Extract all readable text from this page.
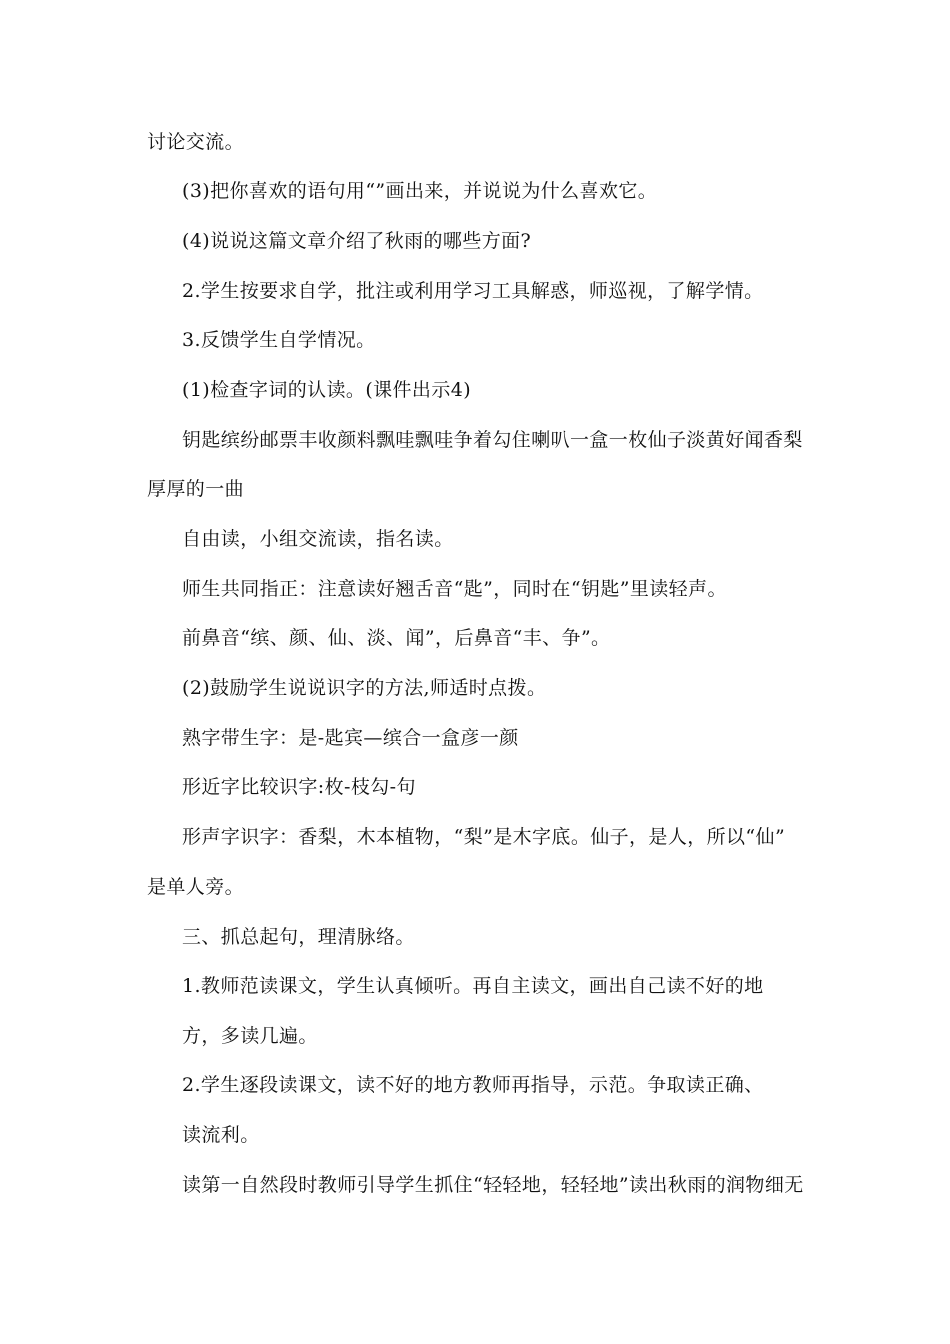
讨论交流。
(3)把你喜欢的语句用“”画出来，并说说为什么喜欢它。
(4)说说这篇文章介绍了秋雨的哪些方面?
2.学生按要求自学，批注或利用学习工具解惑，师巡视，了解学情。
3.反馈学生自学情况。
(1)检查字词的认读。(课件出示4)
钥匙缤纷邮票丰收颜料飘哇飘哇争着勾住喇叭一盒一枚仙子淡黄好闻香梨
厚厚的一曲
自由读，小组交流读，指名读。
师生共同指正：注意读好翘舌音“匙”，同时在“钥匙”里读轻声。
前鼻音“缤、颜、仙、淡、闻”，后鼻音“丰、争”。
(2)鼓励学生说说识字的方法,师适时点拨。
熟字带生字：是-匙宾—缤合一盒彦一颜
形近字比较识字:枚-枝勾-句
形声字识字：香梨，木本植物，“梨”是木字底。仙子，是人，所以“仙”
是单人旁。
三、抓总起句，理清脉络。
1.教师范读课文，学生认真倾听。再自主读文，画出自己读不好的地
方，多读几遍。
2.学生逐段读课文，读不好的地方教师再指导，示范。争取读正确、
读流利。
读第一自然段时教师引导学生抓住“轻轻地，轻轻地”读出秋雨的润物细无
